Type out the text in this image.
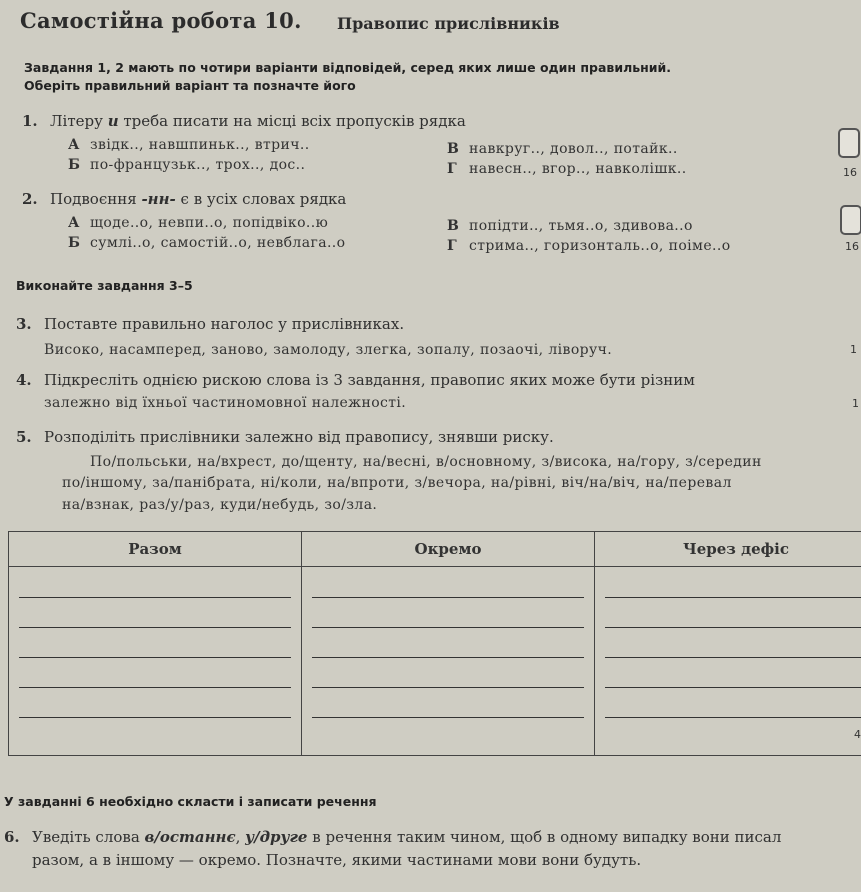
Самостійна робота 10. Правопис прислівників
Завдання 1, 2 мають по чотири варіанти відповідей, серед яких лише один правильний.
Оберіть правильний варіант та позначте його
1. Літеру и треба писати на місці всіх пропусків рядка
А звідк.., навшпиньк.., втрич..
Б по-французьк.., трох.., дос..
В навкруг.., довол.., потайк..
Г навесн.., вгор.., навколішк..	16
2. Подвоєння -нн- є в усіх словах рядка
А щоде..о, невпи..о, попідвіко..ю
Б сумлі..о, самостій..о, невблага..о
В попідти.., тьмя..о, здивова..о
Г стрима.., горизонталь..о, поіме..о	16
Виконайте завдання 3–5
3. Поставте правильно наголос у прислівниках.
Високо, насамперед, заново, замолоду, злегка, зопалу, позаочі, ліворуч.	1
4. Підкресліть однією рискою слова із 3 завдання, правопис яких може бути різним
залежно від їхньої частиномовної належності.	1
5. Розподіліть прислівники залежно від правопису, знявши риску.
По/польськи, на/вхрест, до/щенту, на/весні, в/основному, з/висока, на/гору, з/середин
по/іншому, за/панібрата, ні/коли, на/впроти, з/вечора, на/рівні, віч/на/віч, на/перевал
на/взнак, раз/у/раз, куди/небудь, зо/зла.
Разом	Окремо	Через дефіс

4
У завданні 6 необхідно скласти і записати речення
6. Уведіть слова в/останнє, у/друге в речення таким чином, щоб в одному випадку вони писал
разом, а в іншому — окремо. Позначте, якими частинами мови вони будуть.
